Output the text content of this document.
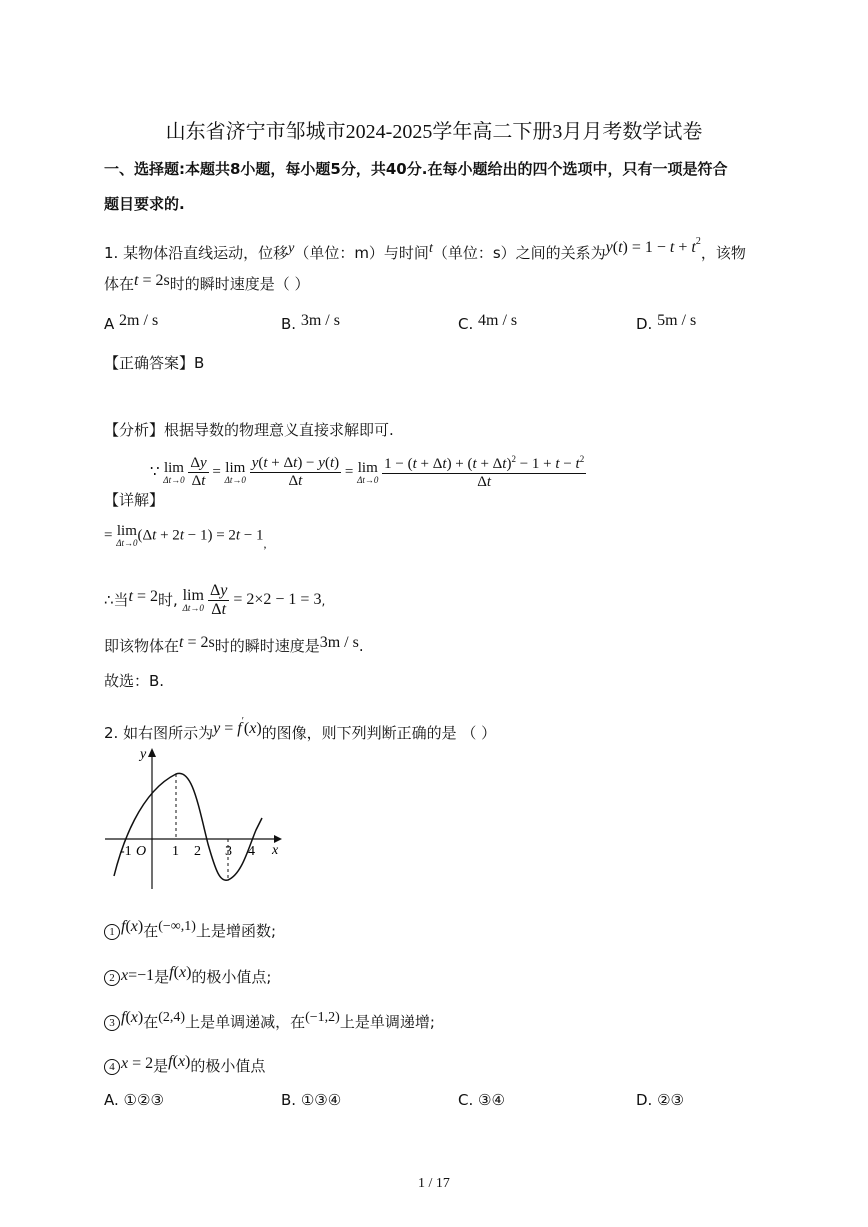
山东省济宁市邹城市2024-2025学年高二下册3月月考数学试卷
一、选择题:本题共8小题，每小题5分，共40分.在每小题给出的四个选项中，只有一项是符合
题目要求的.
1. 某物体沿直线运动，位移y（单位：m）与时间t（单位：s）之间的关系为$y(t) = 1 - t + t^2$，该物
体在t = 2s时的瞬时速度是（ ）
A 2m / s	B. 3m / s	C. 4m / s	D. 5m / s
【正确答案】B
【分析】根据导数的物理意义直接求解即可.
【详解】
∵ lim
Δt→0
$\frac{\Delta y}{\Delta t} = \lim$
Δt→0
$\frac{y(t + \Delta t) - y(t)}{\Delta t} = \lim$
Δt→0
$\frac{1 - (t + \Delta t) + (t + \Delta t)^2 - 1 + t - t^2}{\Delta t}$
= lim
Δt→0 $(\Delta t + 2t - 1) = 2t - 1_,$
∴当t = 2时, lim
Δt→0
$\frac{\Delta y}{\Delta t} = 2\times 2 - 1 = 3$,
即该物体在t = 2s时的瞬时速度是3m / s.
故选：B.
2. 如右图所示为y = f′(x)的图像，则下列判断正确的是 （ ）
y
x
O
-1	1 2 3 4
1 f(x)在(−∞,1)上是增函数;
2 x=−1是f(x)的极小值点;
3 f(x)在(2,4)上是单调递减，在(−1,2)上是单调递增;
4 x = 2是f(x)的极小值点
A. ①②③	B. ①③④	C. ③④	D. ②③
1 / 17
